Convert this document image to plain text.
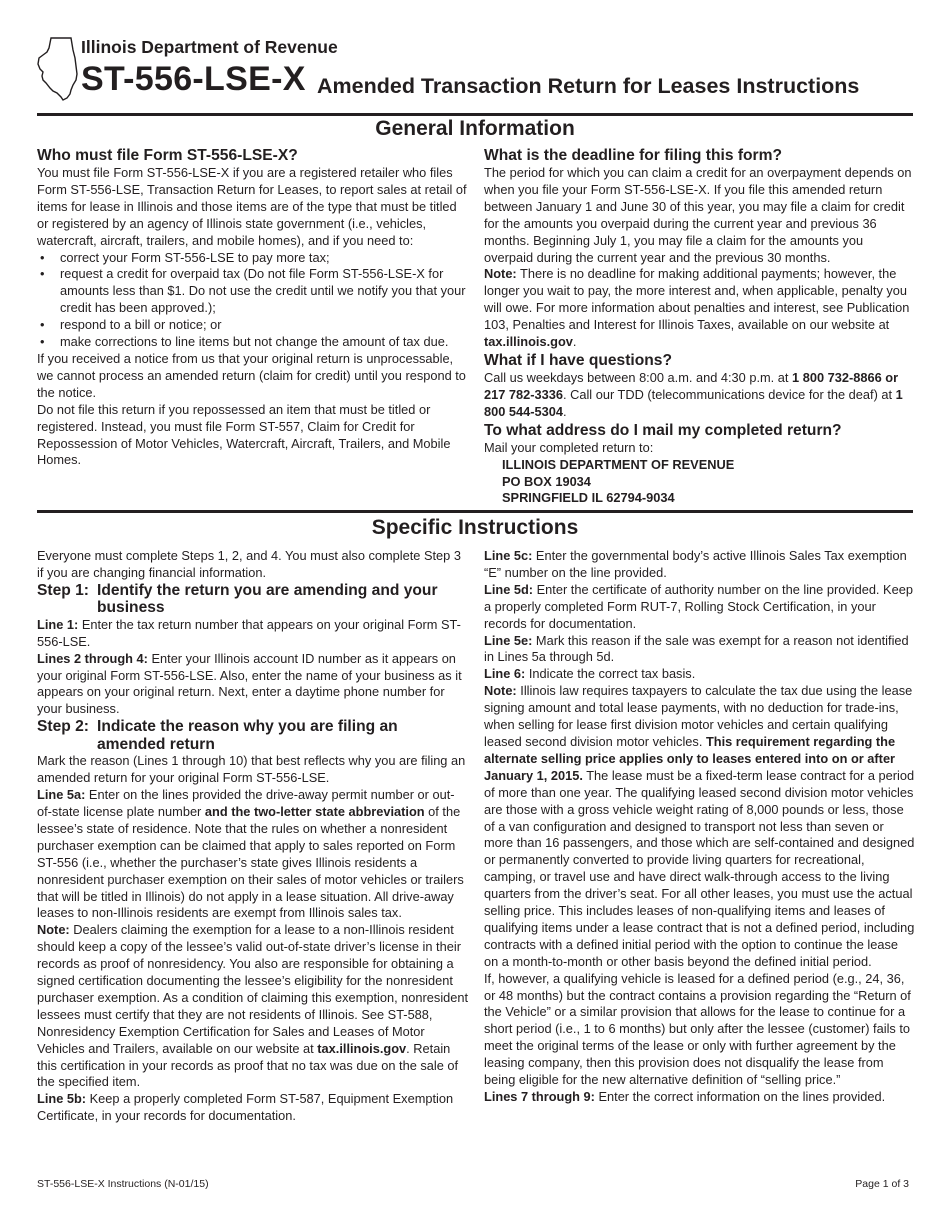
Illinois Department of Revenue
ST-556-LSE-X Amended Transaction Return for Leases Instructions
General Information
Who must file Form ST-556-LSE-X?

You must file Form ST-556-LSE-X if you are a registered retailer who files Form ST-556-LSE, Transaction Return for Leases, to report sales at retail of items for lease in Illinois and those items are of the type that must be titled or registered by an agency of Illinois state government (i.e., vehicles, watercraft, aircraft, trailers, and mobile homes), and if you need to:

• correct your Form ST-556-LSE to pay more tax;
• request a credit for overpaid tax (Do not file Form ST-556-LSE-X for amounts less than $1. Do not use the credit until we notify you that your credit has been approved.);
• respond to a bill or notice; or
• make corrections to line items but not change the amount of tax due.

If you received a notice from us that your original return is unprocessable, we cannot process an amended return (claim for credit) until you respond to the notice.

Do not file this return if you repossessed an item that must be titled or registered. Instead, you must file Form ST-557, Claim for Credit for Repossession of Motor Vehicles, Watercraft, Aircraft, Trailers, and Mobile Homes.

What is the deadline for filing this form?

The period for which you can claim a credit for an overpayment depends on when you file your Form ST-556-LSE-X. If you file this amended return between January 1 and June 30 of this year, you may file a claim for credit for the amounts you overpaid during the current year and previous 36 months. Beginning July 1, you may file a claim for the amounts you overpaid during the current year and the previous 30 months.

Note: There is no deadline for making additional payments; however, the longer you wait to pay, the more interest and, when applicable, penalty you will owe. For more information about penalties and interest, see Publication 103, Penalties and Interest for Illinois Taxes, available on our website at tax.illinois.gov.

What if I have questions?

Call us weekdays between 8:00 a.m. and 4:30 p.m. at 1 800 732-8866 or 217 782-3336. Call our TDD (telecommunications device for the deaf) at 1 800 544-5304.

To what address do I mail my completed return?

Mail your completed return to:

ILLINOIS DEPARTMENT OF REVENUE

PO BOX 19034

SPRINGFIELD IL 62794-9034

Specific Instructions

Everyone must complete Steps 1, 2, and 4. You must also complete Step 3 if you are changing financial information.

Step 1: Identify the return you are amending and your business

Line 1: Enter the tax return number that appears on your original Form ST-556-LSE.

Lines 2 through 4: Enter your Illinois account ID number as it appears on your original Form ST-556-LSE. Also, enter the name of your business as it appears on your original return. Next, enter a daytime phone number for your business.

Step 2: Indicate the reason why you are filing an amended return

Mark the reason (Lines 1 through 10) that best reflects why you are filing an amended return for your original Form ST-556-LSE.

Line 5a: Enter on the lines provided the drive-away permit number or out-of-state license plate number and the two-letter state abbreviation of the lessee’s state of residence. Note that the rules on whether a nonresident purchaser exemption can be claimed that apply to sales reported on Form ST-556 (i.e., whether the purchaser’s state gives Illinois residents a nonresident purchaser exemption on their sales of motor vehicles or trailers that will be titled in Illinois) do not apply in a lease situation. All drive-away leases to non-Illinois residents are exempt from Illinois sales tax.

Note: Dealers claiming the exemption for a lease to a non-Illinois resident should keep a copy of the lessee’s valid out-of-state driver’s license in their records as proof of nonresidency. You also are responsible for obtaining a signed certification documenting the lessee’s eligibility for the nonresident purchaser exemption. As a condition of claiming this exemption, nonresident lessees must certify that they are not residents of Illinois. See ST-588, Nonresidency Exemption Certification for Sales and Leases of Motor Vehicles and Trailers, available on our website at tax.illinois.gov. Retain this certification in your records as proof that no tax was due on the sale of the specified item.

Line 5b: Keep a properly completed Form ST-587, Equipment Exemption Certificate, in your records for documentation.

Line 5c: Enter the governmental body’s active Illinois Sales Tax exemption “E” number on the line provided.

Line 5d: Enter the certificate of authority number on the line provided. Keep a properly completed Form RUT-7, Rolling Stock Certification, in your records for documentation.

Line 5e: Mark this reason if the sale was exempt for a reason not identified in Lines 5a through 5d.

Line 6: Indicate the correct tax basis.

Note: Illinois law requires taxpayers to calculate the tax due using the lease signing amount and total lease payments, with no deduction for trade-ins, when selling for lease first division motor vehicles and certain qualifying leased second division motor vehicles. This requirement regarding the alternate selling price applies only to leases entered into on or after January 1, 2015. The lease must be a fixed-term lease contract for a period of more than one year. The qualifying leased second division motor vehicles are those with a gross vehicle weight rating of 8,000 pounds or less, those of a van configuration and designed to transport not less than seven or more than 16 passengers, and those which are self-contained and designed or permanently converted to provide living quarters for recreational, camping, or travel use and have direct walk-through access to the living quarters from the driver’s seat. For all other leases, you must use the actual selling price. This includes leases of non-qualifying items and leases of qualifying items under a lease contract that is not a defined period, including contracts with a defined initial period with the option to continue the lease on a month-to-month or other basis beyond the defined initial period.

If, however, a qualifying vehicle is leased for a defined period (e.g., 24, 36, or 48 months) but the contract contains a provision regarding the “Return of the Vehicle” or a similar provision that allows for the lease to continue for a short period (i.e., 1 to 6 months) but only after the lessee (customer) fails to meet the original terms of the lease or only with further agreement by the leasing company, then this provision does not disqualify the lease from being eligible for the new alternative definition of “selling price.”

Lines 7 through 9: Enter the correct information on the lines provided.

ST-556-LSE-X Instructions (N-01/15)	Page 1 of 3
